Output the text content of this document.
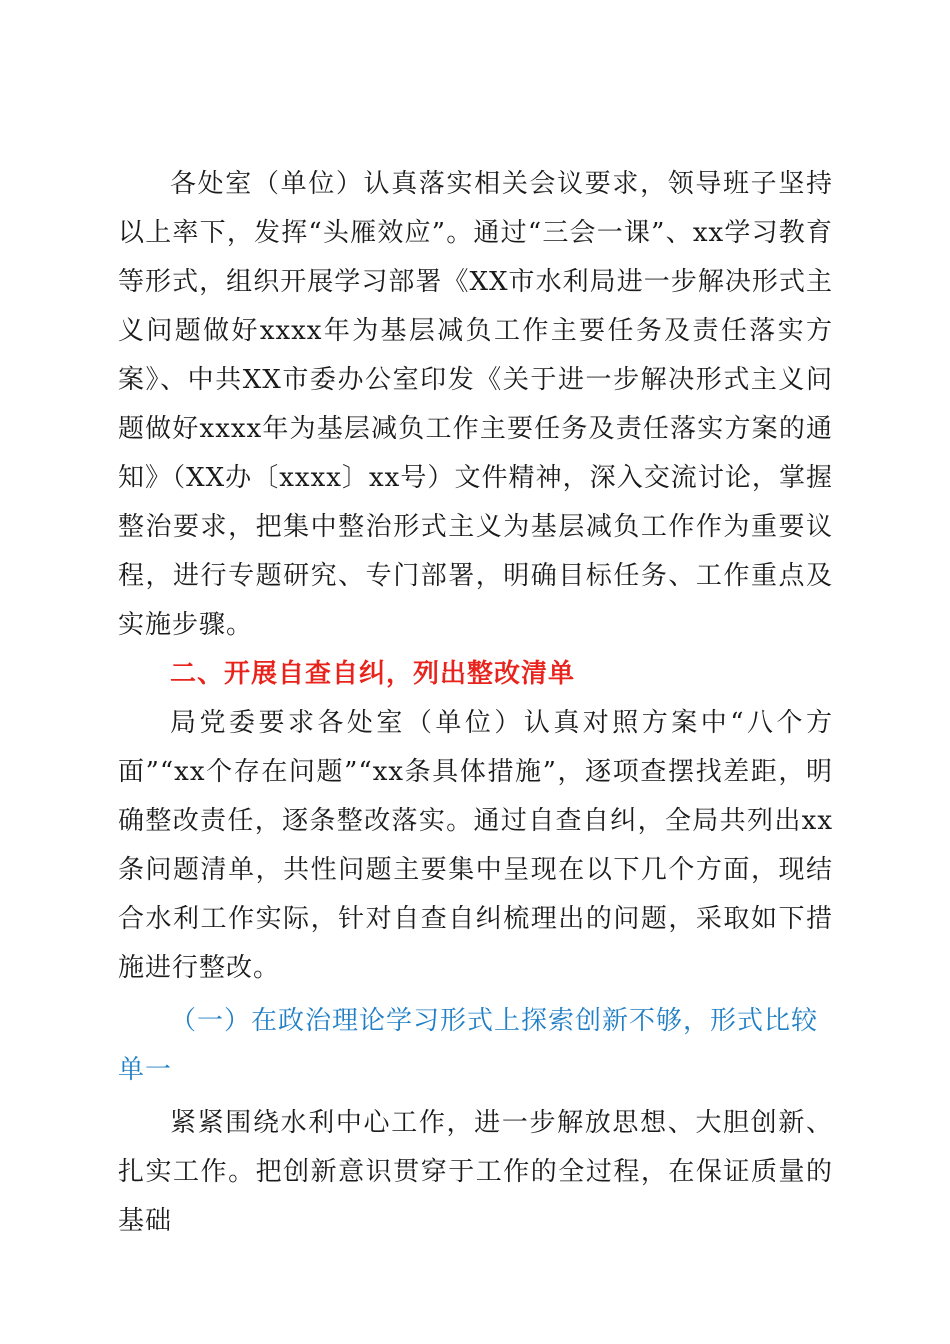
各处室（单位）认真落实相关会议要求，领导班子坚持以上率下，发挥“头雁效应”。通过“三会一课”、xx学习教育等形式，组织开展学习部署《XX市水利局进一步解决形式主义问题做好xxxx年为基层减负工作主要任务及责任落实方案》、中共XX市委办公室印发《关于进一步解决形式主义问题做好xxxx年为基层减负工作主要任务及责任落实方案的通知》（XX办〔xxxx〕xx号）文件精神，深入交流讨论，掌握整治要求，把集中整治形式主义为基层减负工作作为重要议程，进行专题研究、专门部署，明确目标任务、工作重点及实施步骤。

二、开展自查自纠，列出整改清单

局党委要求各处室（单位）认真对照方案中“八个方面”“xx个存在问题”“xx条具体措施”，逐项查摆找差距，明确整改责任，逐条整改落实。通过自查自纠，全局共列出xx条问题清单，共性问题主要集中呈现在以下几个方面，现结合水利工作实际，针对自查自纠梳理出的问题，采取如下措施进行整改。

（一）在政治理论学习形式上探索创新不够，形式比较单一

紧紧围绕水利中心工作，进一步解放思想、大胆创新、扎实工作。把创新意识贯穿于工作的全过程，在保证质量的基础
